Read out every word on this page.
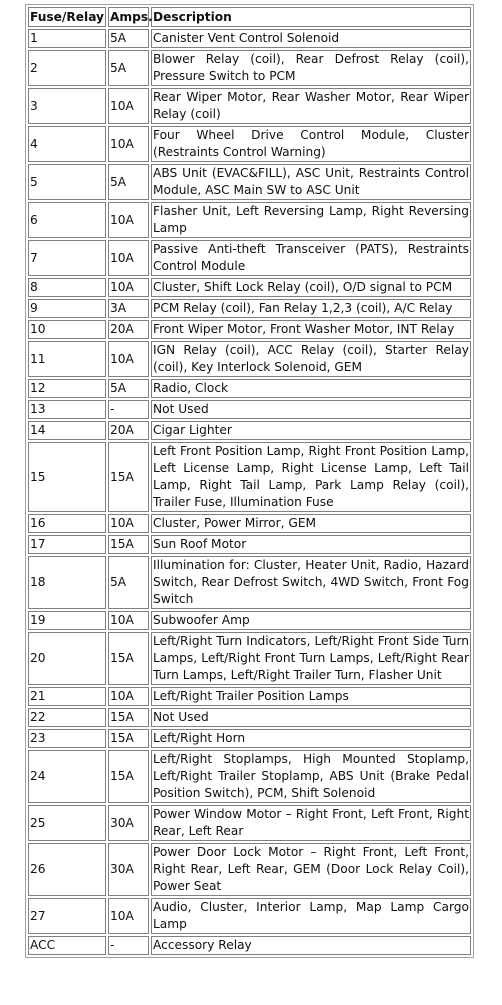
Fuse/Relay	Amps.	Description
1	5A	Canister Vent Control Solenoid
2	5A	Blower Relay (coil), Rear Defrost Relay (coil), Pressure Switch to PCM
3	10A	Rear Wiper Motor, Rear Washer Motor, Rear Wiper Relay (coil)
4	10A	Four Wheel Drive Control Module, Cluster (Restraints Control Warning)
5	5A	ABS Unit (EVAC&FILL), ASC Unit, Restraints Control Module, ASC Main SW to ASC Unit
6	10A	Flasher Unit, Left Reversing Lamp, Right Reversing Lamp
7	10A	Passive Anti-theft Transceiver (PATS), Restraints Control Module
8	10A	Cluster, Shift Lock Relay (coil), O/D signal to PCM
9	3A	PCM Relay (coil), Fan Relay 1,2,3 (coil), A/C Relay
10	20A	Front Wiper Motor, Front Washer Motor, INT Relay
11	10A	IGN Relay (coil), ACC Relay (coil), Starter Relay (coil), Key Interlock Solenoid, GEM
12	5A	Radio, Clock
13	-	Not Used
14	20A	Cigar Lighter
15	15A	Left Front Position Lamp, Right Front Position Lamp, Left License Lamp, Right License Lamp, Left Tail Lamp, Right Tail Lamp, Park Lamp Relay (coil), Trailer Fuse, Illumination Fuse
16	10A	Cluster, Power Mirror, GEM
17	15A	Sun Roof Motor
18	5A	Illumination for: Cluster, Heater Unit, Radio, Hazard Switch, Rear Defrost Switch, 4WD Switch, Front Fog Switch
19	10A	Subwoofer Amp
20	15A	Left/Right Turn Indicators, Left/Right Front Side Turn Lamps, Left/Right Front Turn Lamps, Left/Right Rear Turn Lamps, Left/Right Trailer Turn, Flasher Unit
21	10A	Left/Right Trailer Position Lamps
22	15A	Not Used
23	15A	Left/Right Horn
24	15A	Left/Right Stoplamps, High Mounted Stoplamp, Left/Right Trailer Stoplamp, ABS Unit (Brake Pedal Position Switch), PCM, Shift Solenoid
25	30A	Power Window Motor – Right Front, Left Front, Right Rear, Left Rear
26	30A	Power Door Lock Motor – Right Front, Left Front, Right Rear, Left Rear, GEM (Door Lock Relay Coil), Power Seat
27	10A	Audio, Cluster, Interior Lamp, Map Lamp Cargo Lamp
ACC	-	Accessory Relay
